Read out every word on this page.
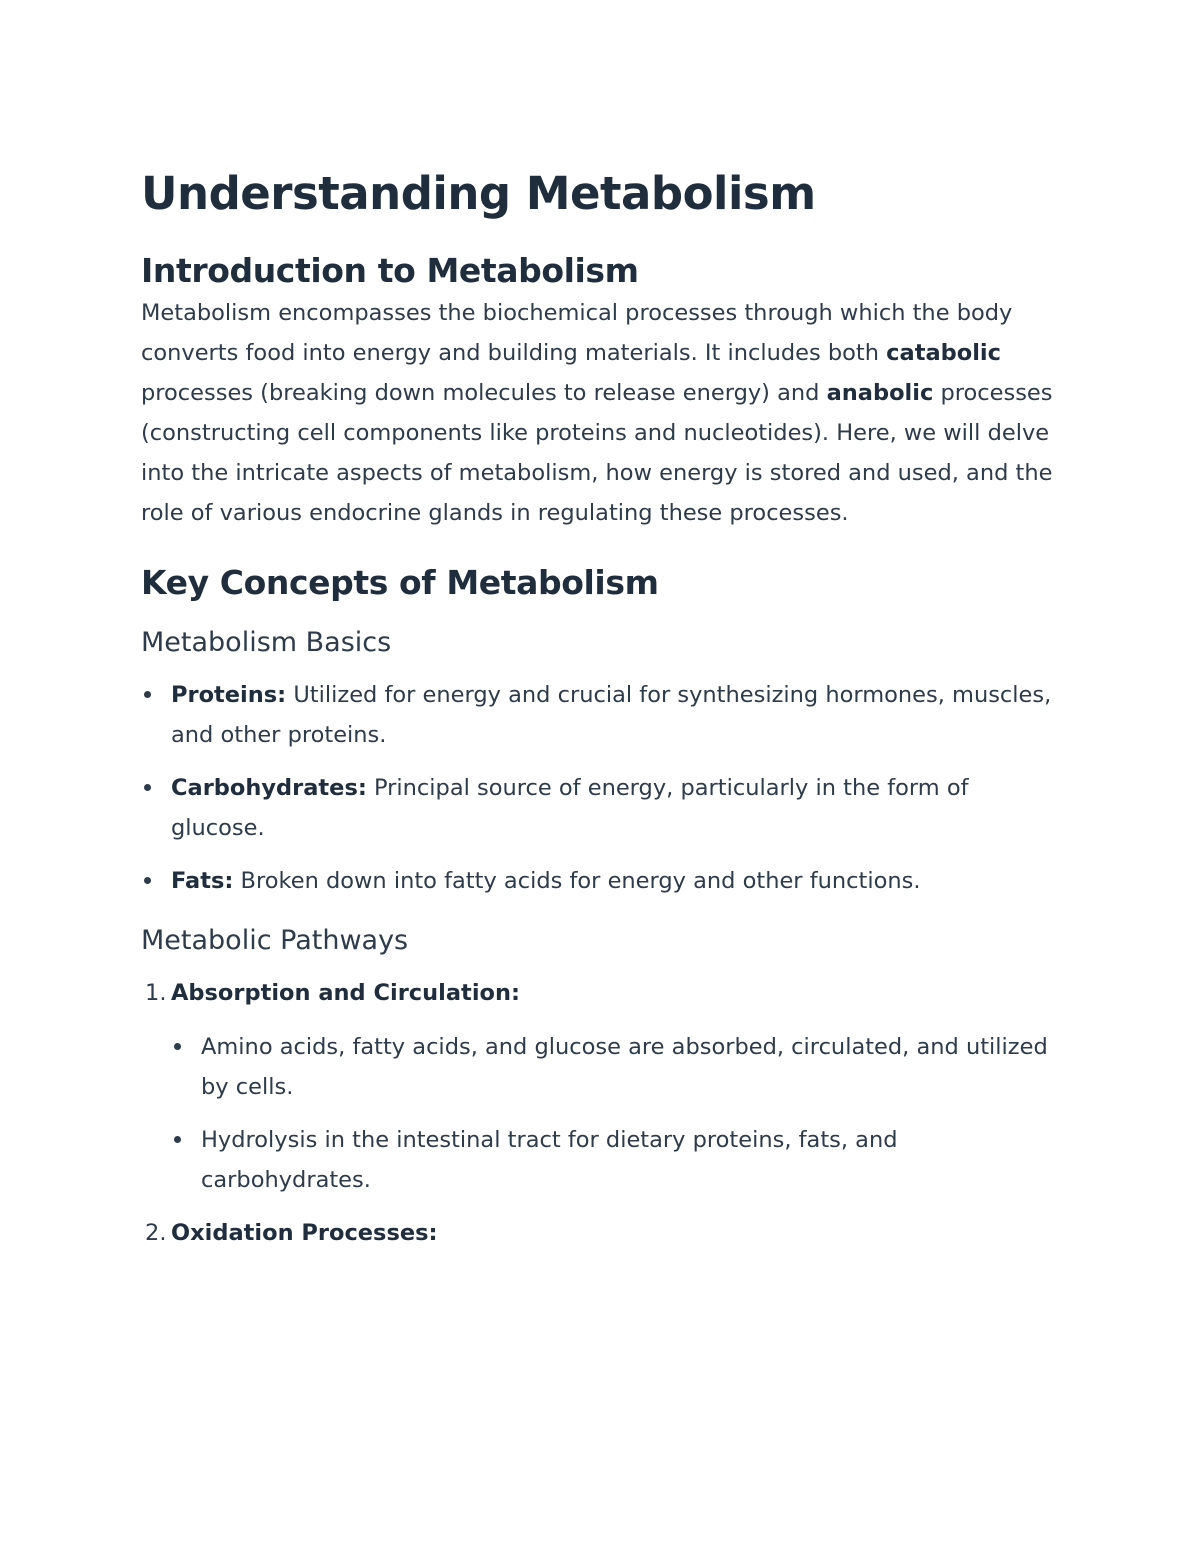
Understanding Metabolism
Introduction to Metabolism

Metabolism encompasses the biochemical processes through which the body converts food into energy and building materials. It includes both catabolic processes (breaking down molecules to release energy) and anabolic processes (constructing cell components like proteins and nucleotides). Here, we will delve into the intricate aspects of metabolism, how energy is stored and used, and the role of various endocrine glands in regulating these processes.

Key Concepts of Metabolism
Metabolism Basics
Proteins: Utilized for energy and crucial for synthesizing hormones, muscles, and other proteins.
Carbohydrates: Principal source of energy, particularly in the form of glucose.
Fats: Broken down into fatty acids for energy and other functions.
Metabolic Pathways
1. Absorption and Circulation:
Amino acids, fatty acids, and glucose are absorbed, circulated, and utilized by cells.
Hydrolysis in the intestinal tract for dietary proteins, fats, and carbohydrates.
2. Oxidation Processes:
